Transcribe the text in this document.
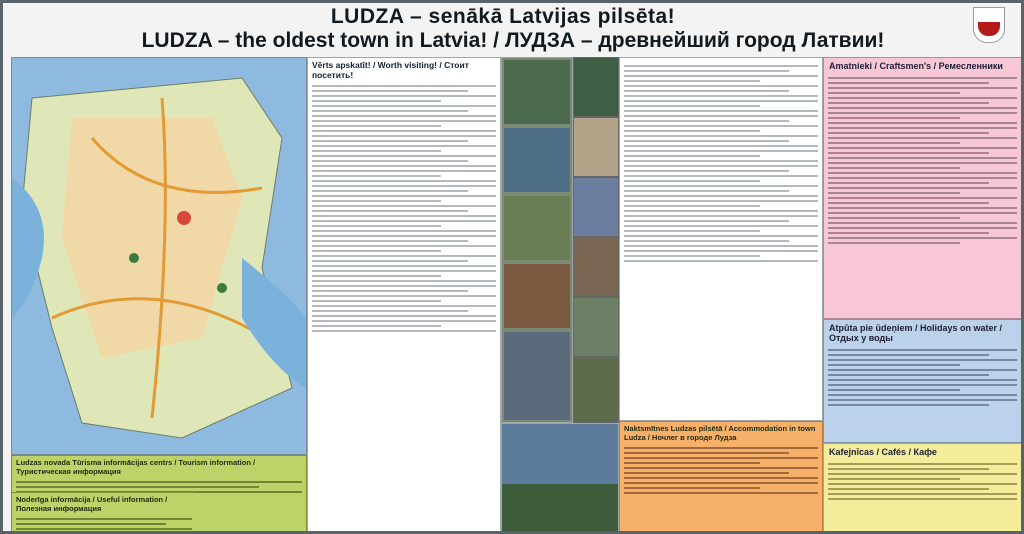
LUDZA – senākā Latvijas pilsēta!
LUDZA – the oldest town in Latvia! / ЛУДЗА – древнейший город Латвии!
Vērts apskatīt! / Worth visiting! / Стоит посетить!
Amatnieki / Craftsmen's / Ремесленники
Atpūta pie ūdeņiem / Holidays on water / Отдых у воды
Naktsmītnes Ludzas pilsētā / Accommodation in town Ludza / Ночлег в городе Лудза
Kafejnīcas / Cafés / Кафе
Ludzas novada Tūrisma informācijas centrs / Tourism information / Туристическая информация
Noderīga informācija / Useful information / Полезная информация
